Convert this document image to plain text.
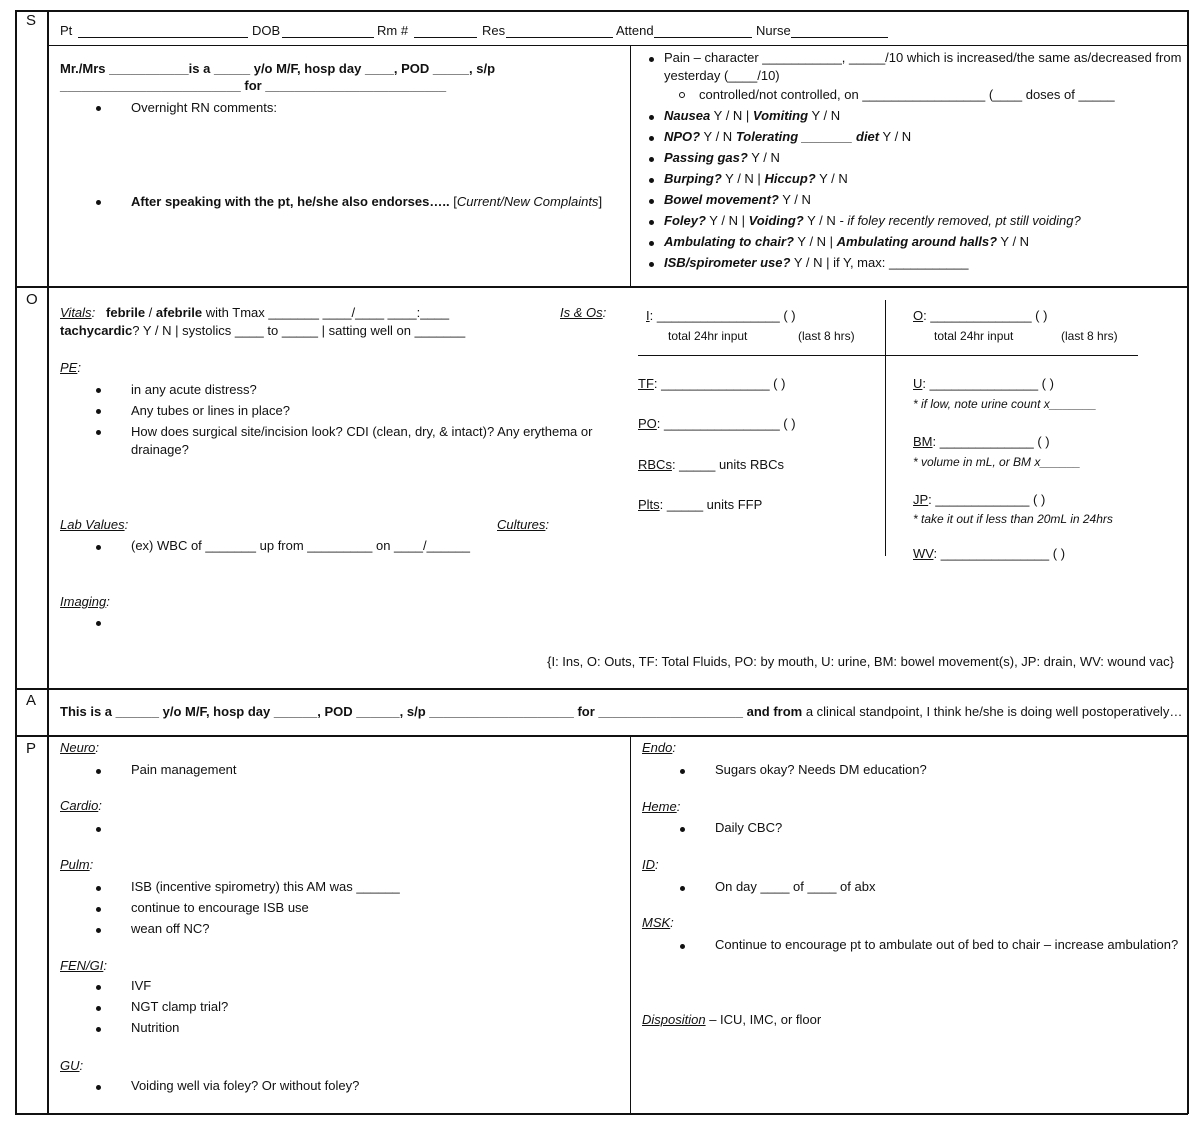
S
O
A
P
Pt	DOB	Rm #	Res	Attend	Nurse
Mr./Mrs ___________is a _____ y/o M/F, hosp day ____, POD _____, s/p
_________________________ for _________________________
Overnight RN comments:
After speaking with the pt, he/she also endorses….. [Current/New Complaints]
Pain – character ___________, _____/10 which is increased/the same as/decreased from
yesterday (____/10)
controlled/not controlled, on _________________ (____ doses of _____
Nausea Y / N | Vomiting Y / N
NPO? Y / N Tolerating _______ diet Y / N
Passing gas? Y / N
Burping? Y / N | Hiccup? Y / N
Bowel movement? Y / N
Foley? Y / N | Voiding? Y / N - if foley recently removed, pt still voiding?
Ambulating to chair? Y / N | Ambulating around halls? Y / N
ISB/spirometer use? Y / N | if Y, max: ___________
Vitals: febrile / afebrile with Tmax _______ ____/____ ____:____	Is & Os:
tachycardic? Y / N | systolics ____ to _____ | satting well on _______
PE:
in any acute distress?
Any tubes or lines in place?
How does surgical site/incision look? CDI (clean, dry, & intact)? Any erythema or
drainage?
Lab Values:	Cultures:
(ex) WBC of _______ up from _________ on ____/______
Imaging:
I: _________________ ( )
total 24hr input	(last 8 hrs)
O: ______________ ( )
total 24hr input	(last 8 hrs)
TF: _______________ ( )
PO: ________________ ( )
RBCs: _____ units RBCs
Plts: _____ units FFP
U: _______________ ( )
* if low, note urine count x_______
BM: _____________ ( )
* volume in mL, or BM x______
JP: _____________ ( )
* take it out if less than 20mL in 24hrs
WV: _______________ ( )
{I: Ins, O: Outs, TF: Total Fluids, PO: by mouth, U: urine, BM: bowel movement(s), JP: drain, WV: wound vac}
This is a ______ y/o M/F, hosp day ______, POD ______, s/p ____________________ for ____________________ and from a clinical standpoint, I think he/she is doing well postoperatively…
Neuro:
Pain management
Cardio:
Pulm:
ISB (incentive spirometry) this AM was ______
continue to encourage ISB use
wean off NC?
FEN/GI:
IVF
NGT clamp trial?
Nutrition
GU:
Voiding well via foley? Or without foley?
Endo:
Sugars okay? Needs DM education?
Heme:
Daily CBC?
ID:
On day ____ of ____ of abx
MSK:
Continue to encourage pt to ambulate out of bed to chair – increase ambulation?
Disposition – ICU, IMC, or floor
